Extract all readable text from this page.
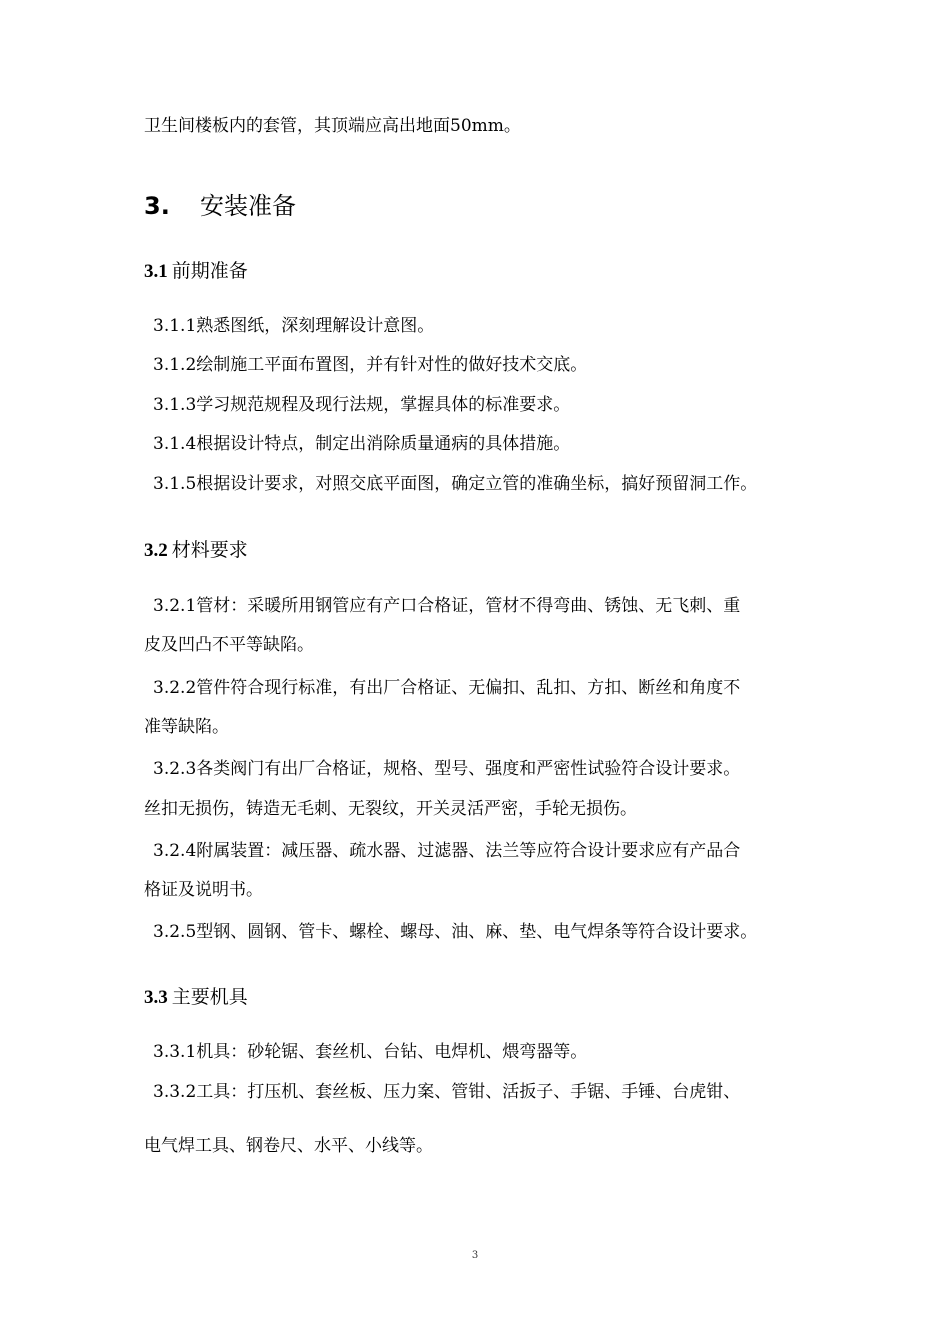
卫生间楼板内的套管，其顶端应高出地面50mm。
3. 安装准备
3.1 前期准备
3.1.1熟悉图纸，深刻理解设计意图。
3.1.2绘制施工平面布置图，并有针对性的做好技术交底。
3.1.3学习规范规程及现行法规，掌握具体的标准要求。
3.1.4根据设计特点，制定出消除质量通病的具体措施。
3.1.5根据设计要求，对照交底平面图，确定立管的准确坐标，搞好预留洞工作。
3.2 材料要求
3.2.1管材：采暖所用钢管应有产口合格证，管材不得弯曲、锈蚀、无飞刺、重
皮及凹凸不平等缺陷。
3.2.2管件符合现行标准，有出厂合格证、无偏扣、乱扣、方扣、断丝和角度不
准等缺陷。
3.2.3各类阀门有出厂合格证，规格、型号、强度和严密性试验符合设计要求。
丝扣无损伤，铸造无毛刺、无裂纹，开关灵活严密，手轮无损伤。
3.2.4附属装置：减压器、疏水器、过滤器、法兰等应符合设计要求应有产品合
格证及说明书。
3.2.5型钢、圆钢、管卡、螺栓、螺母、油、麻、垫、电气焊条等符合设计要求。
3.3 主要机具
3.3.1机具：砂轮锯、套丝机、台钻、电焊机、煨弯器等。
3.3.2工具：打压机、套丝板、压力案、管钳、活扳子、手锯、手锤、台虎钳、
电气焊工具、钢卷尺、水平、小线等。
3
